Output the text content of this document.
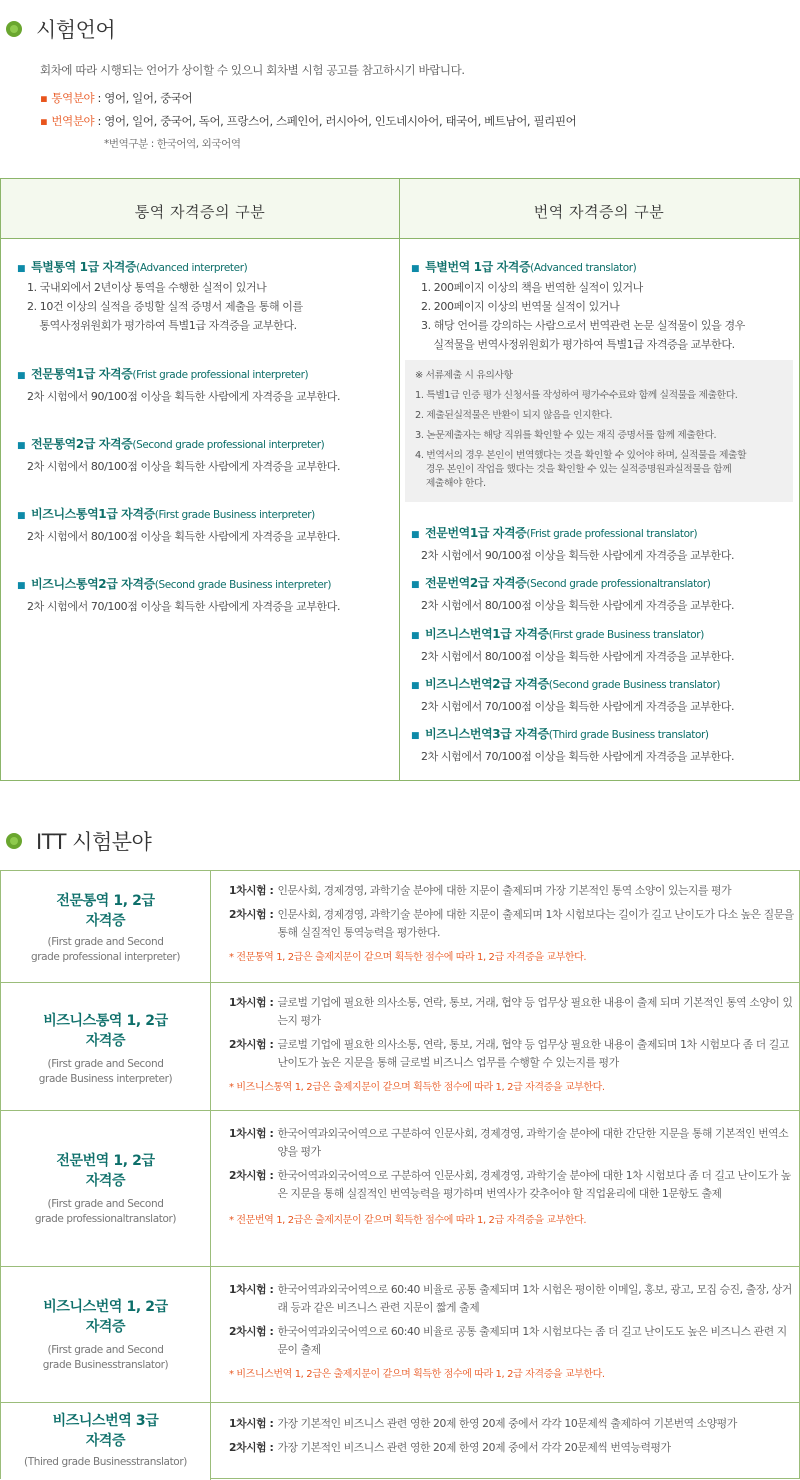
시험언어
회차에 따라 시행되는 언어가 상이할 수 있으니 회차별 시험 공고를 참고하시기 바랍니다.
▪ 통역분야 : 영어, 일어, 중국어
▪ 번역분야 : 영어, 일어, 중국어, 독어, 프랑스어, 스페인어, 러시아어, 인도네시아어, 태국어, 베트남어, 필리핀어
*번역구분 : 한국어역, 외국어역
통역 자격증의 구분	번역 자격증의 구분
■ 특별통역 1급 자격증 (Advanced interpreter)
1. 국내외에서 2년이상 통역을 수행한 실적이 있거나
2. 10건 이상의 실적을 증빙할 실적 증명서 제출을 통해 이를
통역사정위원회가 평가하여 특별1급 자격증을 교부한다.
■ 전문통역1급 자격증 (Frist grade professional interpreter)
2차 시험에서 90/100점 이상을 획득한 사람에게 자격증을 교부한다.
■ 전문통역2급 자격증 (Second grade professional interpreter)
2차 시험에서 80/100점 이상을 획득한 사람에게 자격증을 교부한다.
■ 비즈니스통역1급 자격증 (First grade Business interpreter)
2차 시험에서 80/100점 이상을 획득한 사람에게 자격증을 교부한다.
■ 비즈니스통역2급 자격증 (Second grade Business interpreter)
2차 시험에서 70/100점 이상을 획득한 사람에게 자격증을 교부한다.
■ 특별번역 1급 자격증 (Advanced translator)
1. 200페이지 이상의 책을 번역한 실적이 있거나
2. 200페이지 이상의 번역물 실적이 있거나
3. 해당 언어를 강의하는 사람으로서 번역관련 논문 실적물이 있을 경우
실적물을 번역사정위원회가 평가하여 특별1급 자격증을 교부한다.
■ 전문번역1급 자격증 (Frist grade professional translator)
2차 시험에서 90/100점 이상을 획득한 사람에게 자격증을 교부한다.
■ 전문번역2급 자격증 (Second grade professionaltranslator)
2차 시험에서 80/100점 이상을 획득한 사람에게 자격증을 교부한다.
■ 비즈니스번역1급 자격증 (First grade Business translator)
2차 시험에서 80/100점 이상을 획득한 사람에게 자격증을 교부한다.
■ 비즈니스번역2급 자격증 (Second grade Business translator)
2차 시험에서 70/100점 이상을 획득한 사람에게 자격증을 교부한다.
■ 비즈니스번역3급 자격증 (Third grade Business translator)
2차 시험에서 70/100점 이상을 획득한 사람에게 자격증을 교부한다.
※ 서류제출 시 유의사항
1. 특별1급 인증 평가 신청서를 작성하여 평가수수료와 함께 실적물을 제출한다.
2. 제출된실적물은 반환이 되지 않음을 인지한다.
3. 논문제출자는 해당 직위를 확인할 수 있는 재직 증명서를 함께 제출한다.
4. 번역서의 경우 본인이 번역했다는 것을 확인할 수 있어야 하며, 실적물을 제출할
경우 본인이 작업을 했다는 것을 확인할 수 있는 실적증명원과실적물을 함께
제출해야 한다.
ITT 시험분야
전문통역 1, 2급
자격증
(First grade and Second
grade professional interpreter)
1차시험 : 인문사회, 경제경영, 과학기술 분야에 대한 지문이 출제되며 가장 기본적인 통역 소양이 있는지를 평가
2차시험 : 인문사회, 경제경영, 과학기술 분야에 대한 지문이 출제되며 1차 시험보다는 길이가 길고 난이도가 다소 높은 질문을 통해 실질적인 통역능력을 평가한다.
* 전문통역 1, 2급은 출제지문이 같으며 획득한 점수에 따라 1, 2급 자격증을 교부한다.
비즈니스통역 1, 2급
자격증
(First grade and Second
grade Business interpreter)
1차시험 : 글로벌 기업에 필요한 의사소통, 연락, 통보, 거래, 협약 등 업무상 필요한 내용이 출제 되며 기본적인 통역 소양이 있는지 평가
2차시험 : 글로벌 기업에 필요한 의사소통, 연락, 통보, 거래, 협약 등 업무상 필요한 내용이 출제되며 1차 시험보다 좀 더 길고 난이도가 높은 지문을 통해 글로벌 비즈니스 업무를 수행할 수 있는지를 평가
* 비즈니스통역 1, 2급은 출제지문이 같으며 획득한 점수에 따라 1, 2급 자격증을 교부한다.
전문번역 1, 2급
자격증
(First grade and Second
grade professionaltranslator)
1차시험 : 한국어역과외국어역으로 구분하여 인문사회, 경제경영, 과학기술 분야에 대한 간단한 지문을 통해 기본적인 번역소양을 평가
2차시험 : 한국어역과외국어역으로 구분하여 인문사회, 경제경영, 과학기술 분야에 대한 1차 시험보다 좀 더 길고 난이도가 높은 지문을 통해 실질적인 번역능력을 평가하며 번역사가 갖추어야 할 직업윤리에 대한 1문항도 출제
* 전문번역 1, 2급은 출제지문이 같으며 획득한 점수에 따라 1, 2급 자격증을 교부한다.
비즈니스번역 1, 2급
자격증
(First grade and Second
grade Businesstranslator)
1차시험 : 한국어역과외국어역으로 60:40 비율로 공통 출제되며 1차 시험은 평이한 이메일, 홍보, 광고, 모집 승진, 출장, 상거래 등과 같은 비즈니스 관련 지문이 짧게 출제
2차시험 : 한국어역과외국어역으로 60:40 비율로 공통 출제되며 1차 시험보다는 좀 더 길고 난이도도 높은 비즈니스 관련 지문이 출제
* 비즈니스번역 1, 2급은 출제지문이 같으며 획득한 점수에 따라 1, 2급 자격증을 교부한다.
비즈니스번역 3급
자격증
(Thired grade Businesstranslator)
1차시험 : 가장 기본적인 비즈니스 관련 영한 20제 한영 20제 중에서 각각 10문제씩 출제하여 기본번역 소양평가
2차시험 : 가장 기본적인 비즈니스 관련 영한 20제 한영 20제 중에서 각각 20문제씩 번역능력평가
